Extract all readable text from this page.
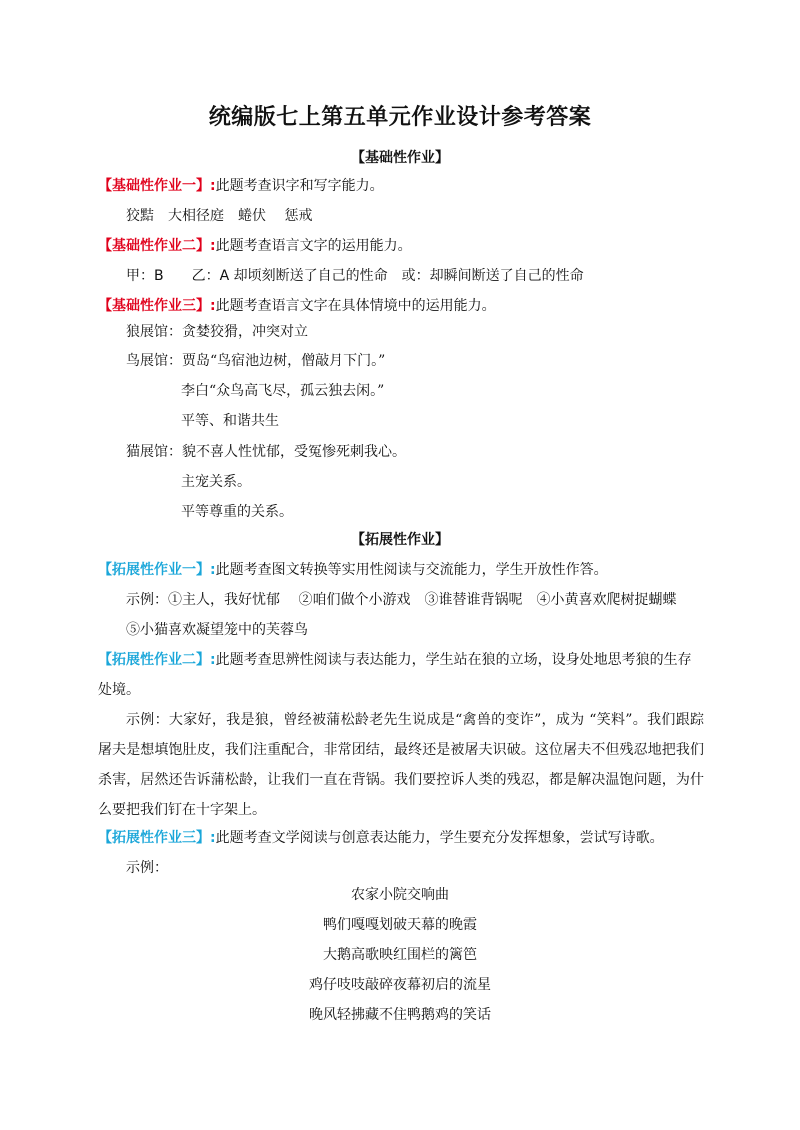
统编版七上第五单元作业设计参考答案
【基础性作业】
【基础性作业一】:此题考查识字和写字能力。
狡黠　大相径庭　蜷伏　 惩戒
【基础性作业二】:此题考查语言文字的运用能力。
甲：B 乙：A 却顷刻断送了自己的性命　或：却瞬间断送了自己的性命
【基础性作业三】:此题考查语言文字在具体情境中的运用能力。
狼展馆：贪婪狡猾，冲突对立
鸟展馆：贾岛“鸟宿池边树，僧敲月下门。”
李白“众鸟高飞尽，孤云独去闲。”
平等、和谐共生
猫展馆：貌不喜人性忧郁，受冤惨死刺我心。
主宠关系。
平等尊重的关系。
【拓展性作业】
【拓展性作业一】:此题考查图文转换等实用性阅读与交流能力，学生开放性作答。
示例：①主人，我好忧郁　 ②咱们做个小游戏　③谁替谁背锅呢　④小黄喜欢爬树捉蝴蝶
⑤小猫喜欢凝望笼中的芙蓉鸟
【拓展性作业二】:此题考查思辨性阅读与表达能力，学生站在狼的立场，设身处地思考狼的生存处境。
示例：大家好，我是狼，曾经被蒲松龄老先生说成是“禽兽的变诈”，成为 “笑料”。我们跟踪屠夫是想填饱肚皮，我们注重配合，非常团结，最终还是被屠夫识破。这位屠夫不但残忍地把我们杀害，居然还告诉蒲松龄，让我们一直在背锅。我们要控诉人类的残忍，都是解决温饱问题，为什么要把我们钉在十字架上。
【拓展性作业三】:此题考查文学阅读与创意表达能力，学生要充分发挥想象，尝试写诗歌。
示例：
农家小院交响曲
鸭们嘎嘎划破天幕的晚霞
大鹅高歌映红围栏的篱笆
鸡仔吱吱敲碎夜幕初启的流星
晚风轻拂藏不住鸭鹅鸡的笑话
